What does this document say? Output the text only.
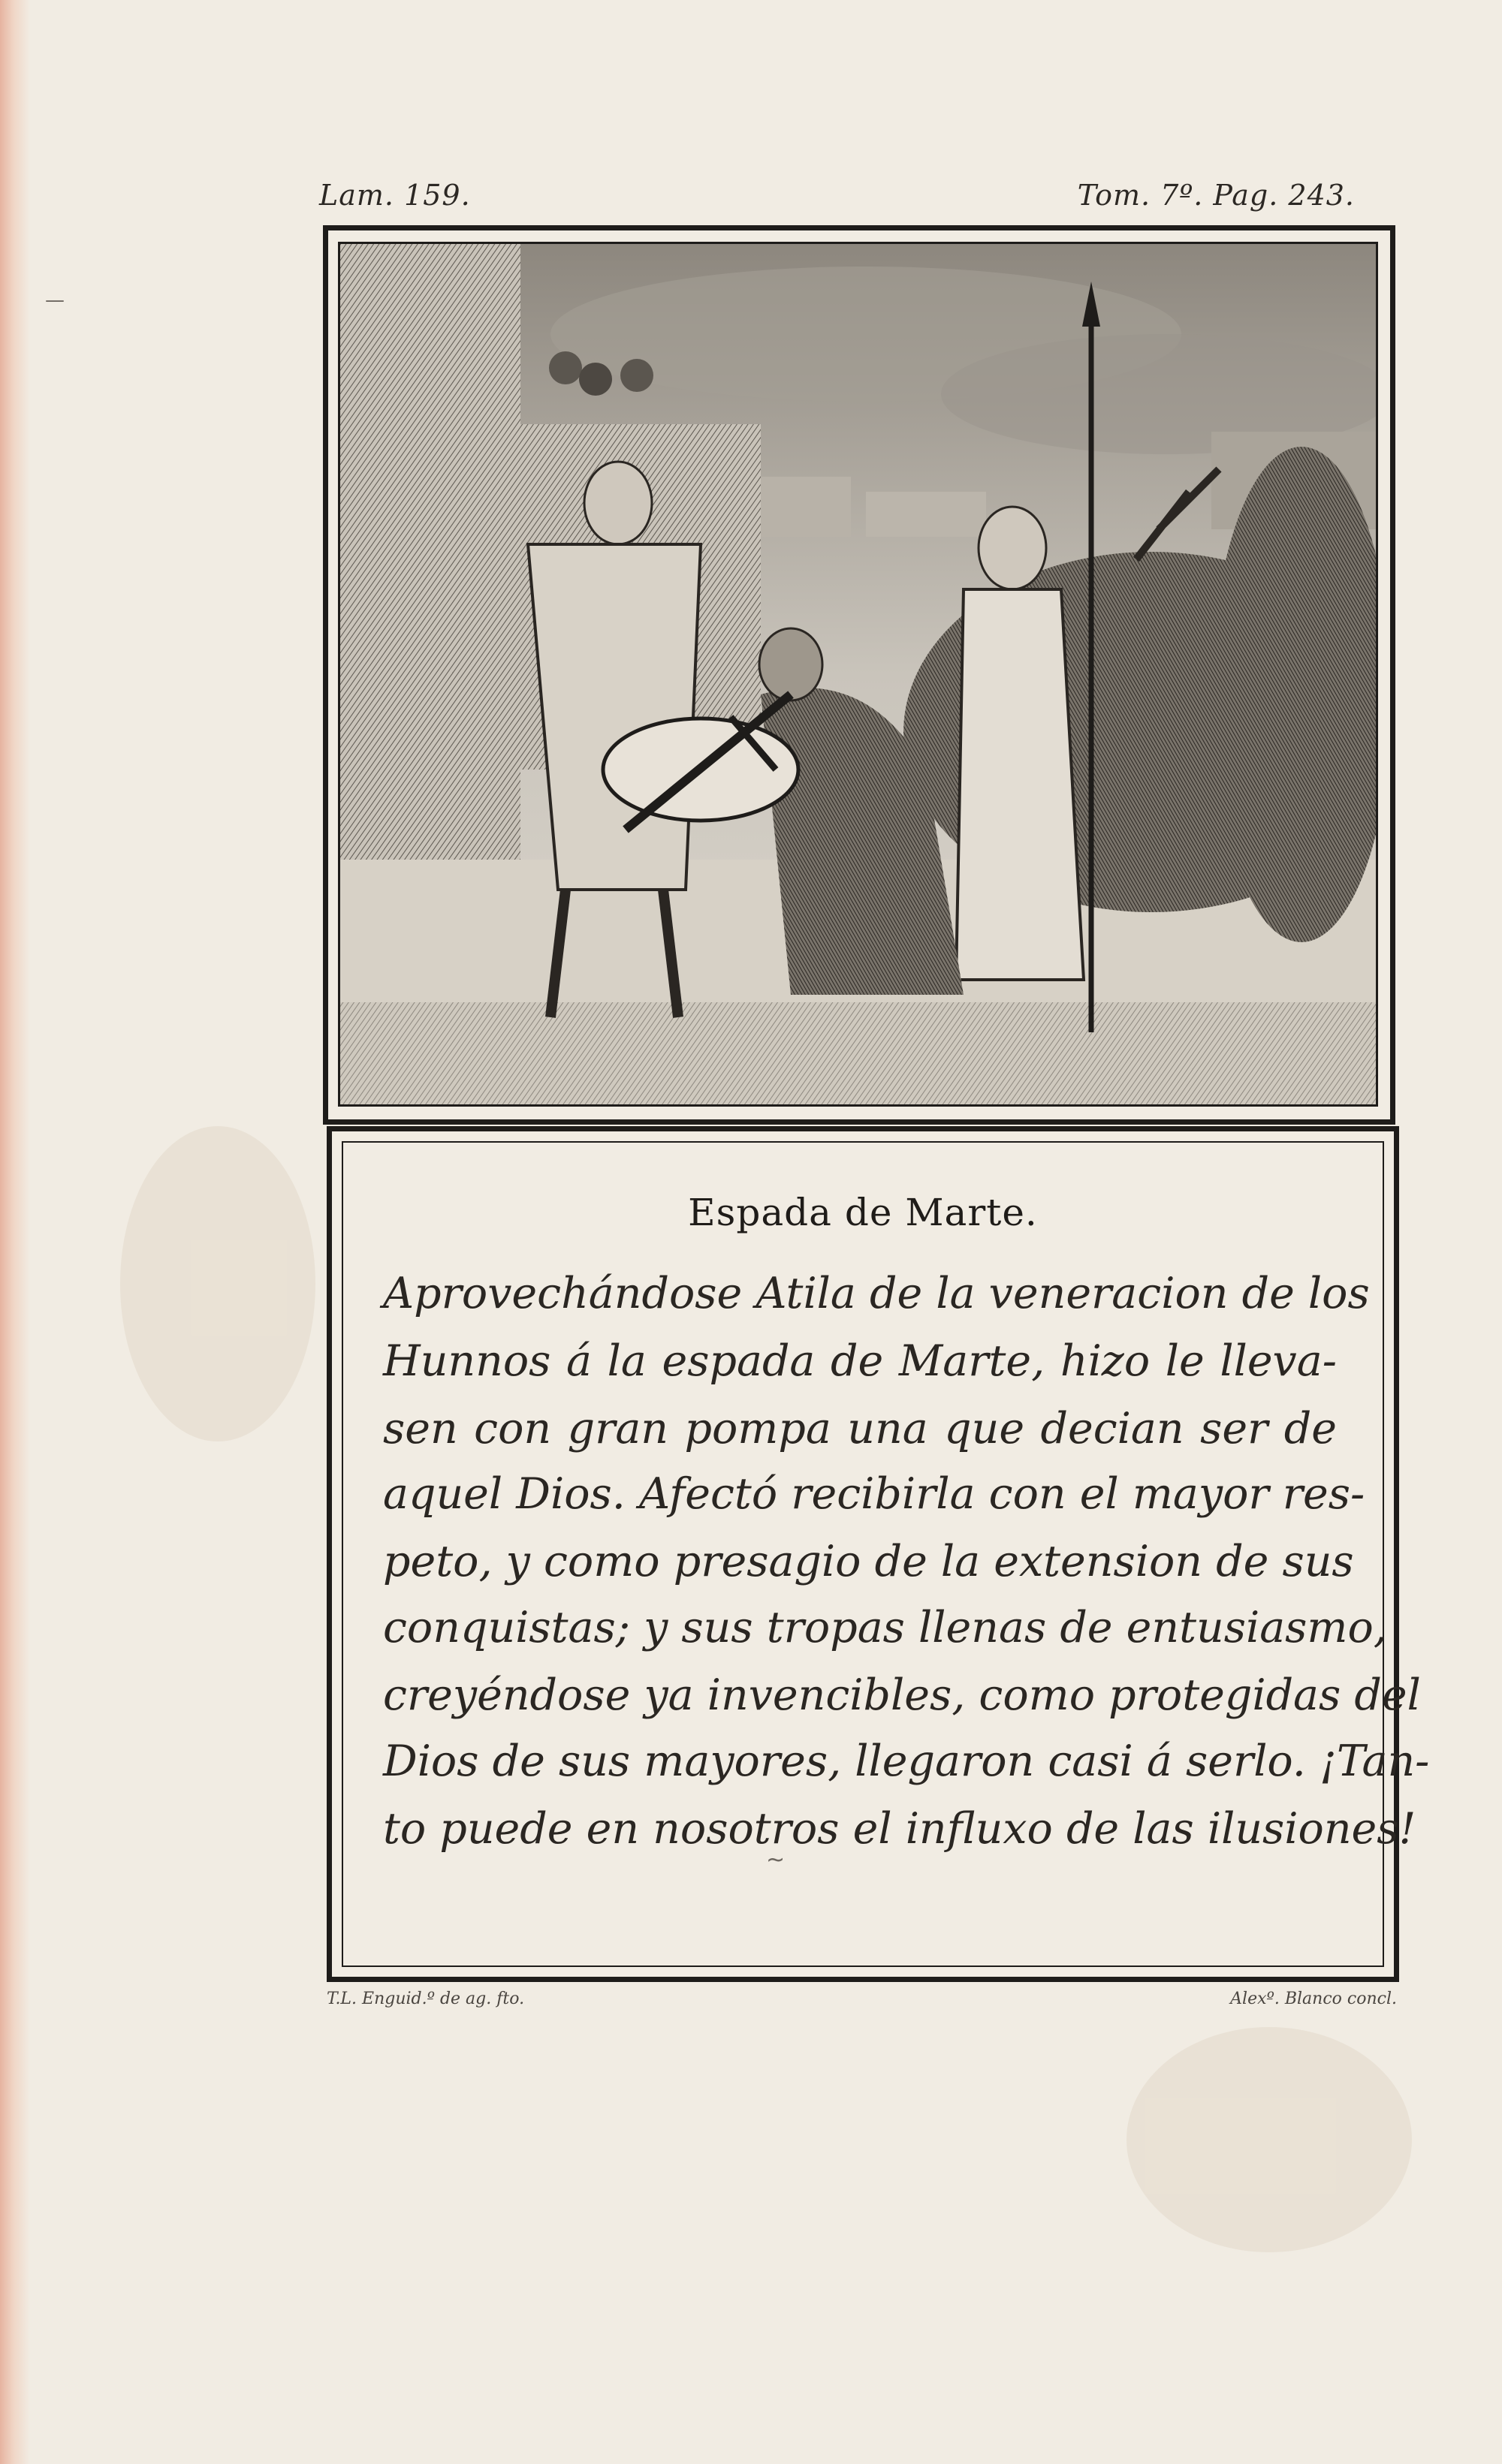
Lam. 159.	Tom. 7º. Pag. 243.
Espada de Marte.
Aprovechándose Atila de la veneracion de los
Hunnos á la espada de Marte, hizo le lleva-
sen con gran pompa una que decian ser de
aquel Dios. Afectó recibirla con el mayor res-
peto, y como presagio de la extension de sus
conquistas; y sus tropas llenas de entusiasmo,
creyéndose ya invencibles, como protegidas del
Dios de sus mayores, llegaron casi á serlo. ¡Tan-
to puede en nosotros el influxo de las ilusiones!
~
—
T.L. Enguid.º de ag. fto.	Alexº. Blanco concl.
